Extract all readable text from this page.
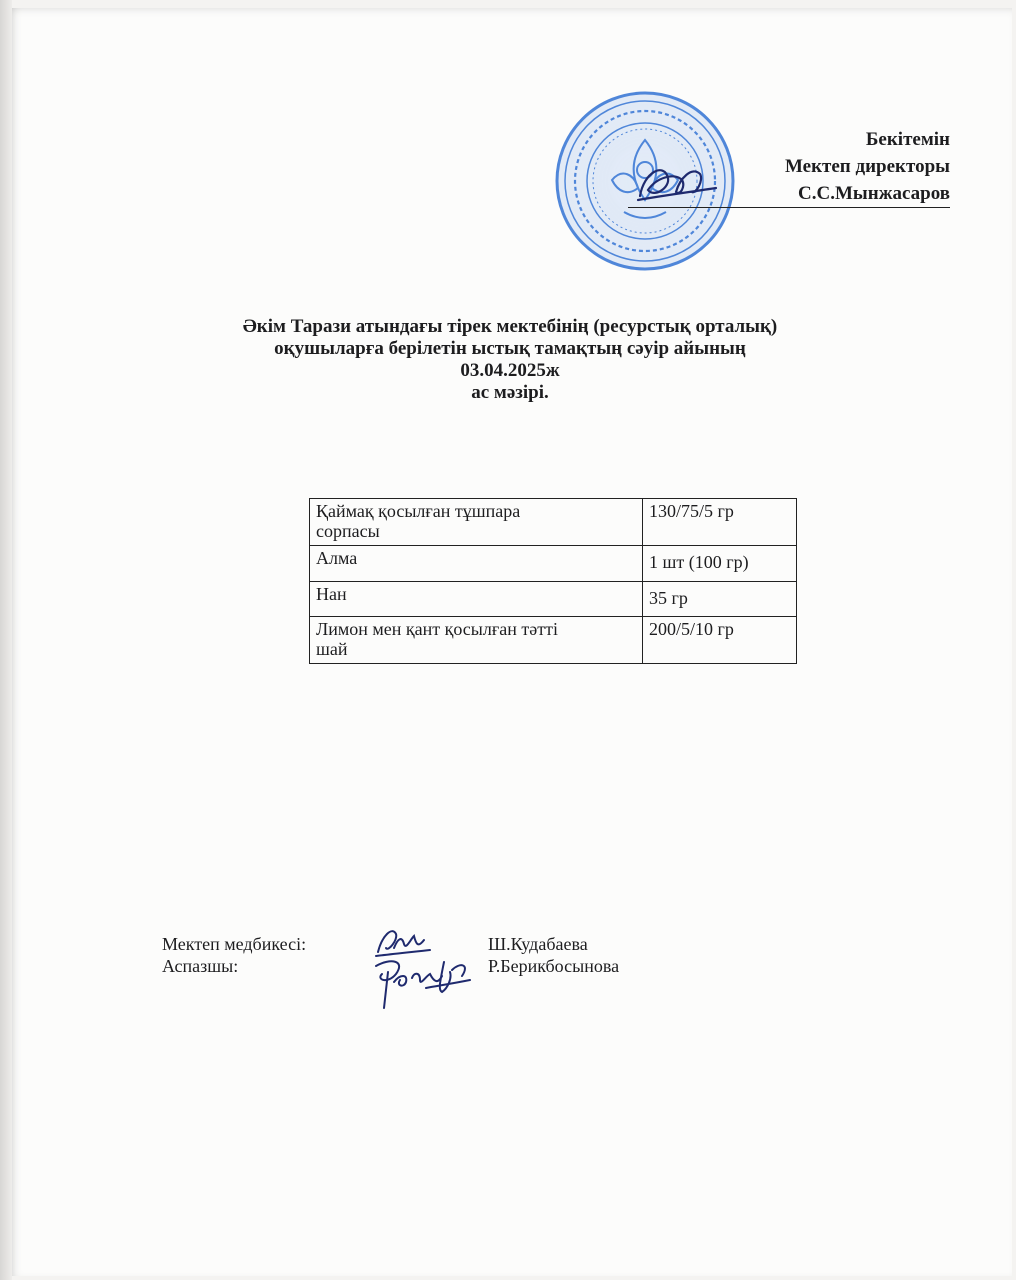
Бекітемін
Мектеп директоры
С.С.Мынжасаров
Әкім Тарази атындағы тірек мектебінің (ресурстық орталық)
оқушыларға берілетін ыстық тамақтың сәуір айының
03.04.2025ж
ас мәзірі.
Қаймақ қосылған тұшпара
сорпасы	130/75/5 гр
Алма	1 шт (100 гр)
Нан	35 гр
Лимон мен қант қосылған тәтті
шай	200/5/10 гр
Мектеп медбикесі:	Ш.Кудабаева
Аспазшы:	Р.Берикбосынова
